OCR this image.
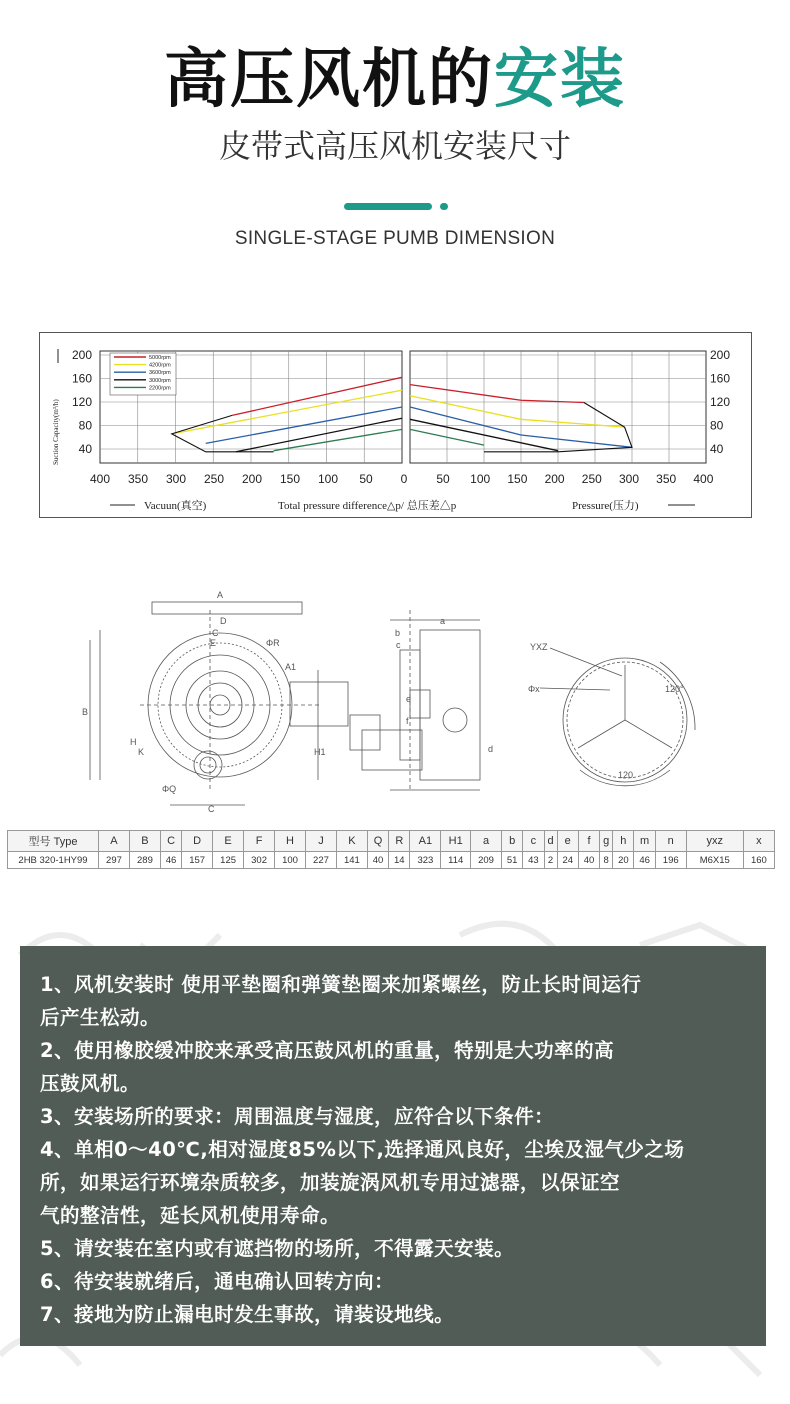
高压风机的安装
皮带式高压风机安装尺寸
SINGLE-STAGE PUMB DIMENSION
200	200
160	160
120	120
80	80
40	40
400 350 300 250 200 150 100 50 0 50 100 150 200 250 300 350 400
Suction Capacity(m³/h)
Vacuun(真空)	Total pressure difference△p/ 总压差△p	Pressure(压力)
5000rpm
4200rpm
3600rpm
3000rpm
2200rpm
A
B
C
D
E	ΦR
A1
H
K	H1
ΦQ
C
b
c
a
e
f
d
YXZ
Φx	120°
120
型号 Type	A	B	C	D	E	F	H	J	K	Q	R	A1	H1	a	b	c	d	e	f	g	h	m	n	yxz	x
2HB 320-1HY99	297	289	46	157	125	302	100	227	141	40	14	323	114	209	51	43	2	24	40	8	20	46	196	M6X15	160

1、风机安装时 使用平垫圈和弹簧垫圈来加紧螺丝，防止长时间运行

后产生松动。

2、使用橡胶缓冲胶来承受高压鼓风机的重量，特别是大功率的高

压鼓风机。

3、安装场所的要求：周围温度与湿度，应符合以下条件：

4、单相0～40℃,相对湿度85%以下,选择通风良好，尘埃及湿气少之场

所，如果运行环境杂质较多，加装旋涡风机专用过滤器，以保证空

气的整洁性，延长风机使用寿命。

5、请安装在室内或有遮挡物的场所，不得露天安装。

6、待安装就绪后，通电确认回转方向：

7、接地为防止漏电时发生事故，请装设地线。
